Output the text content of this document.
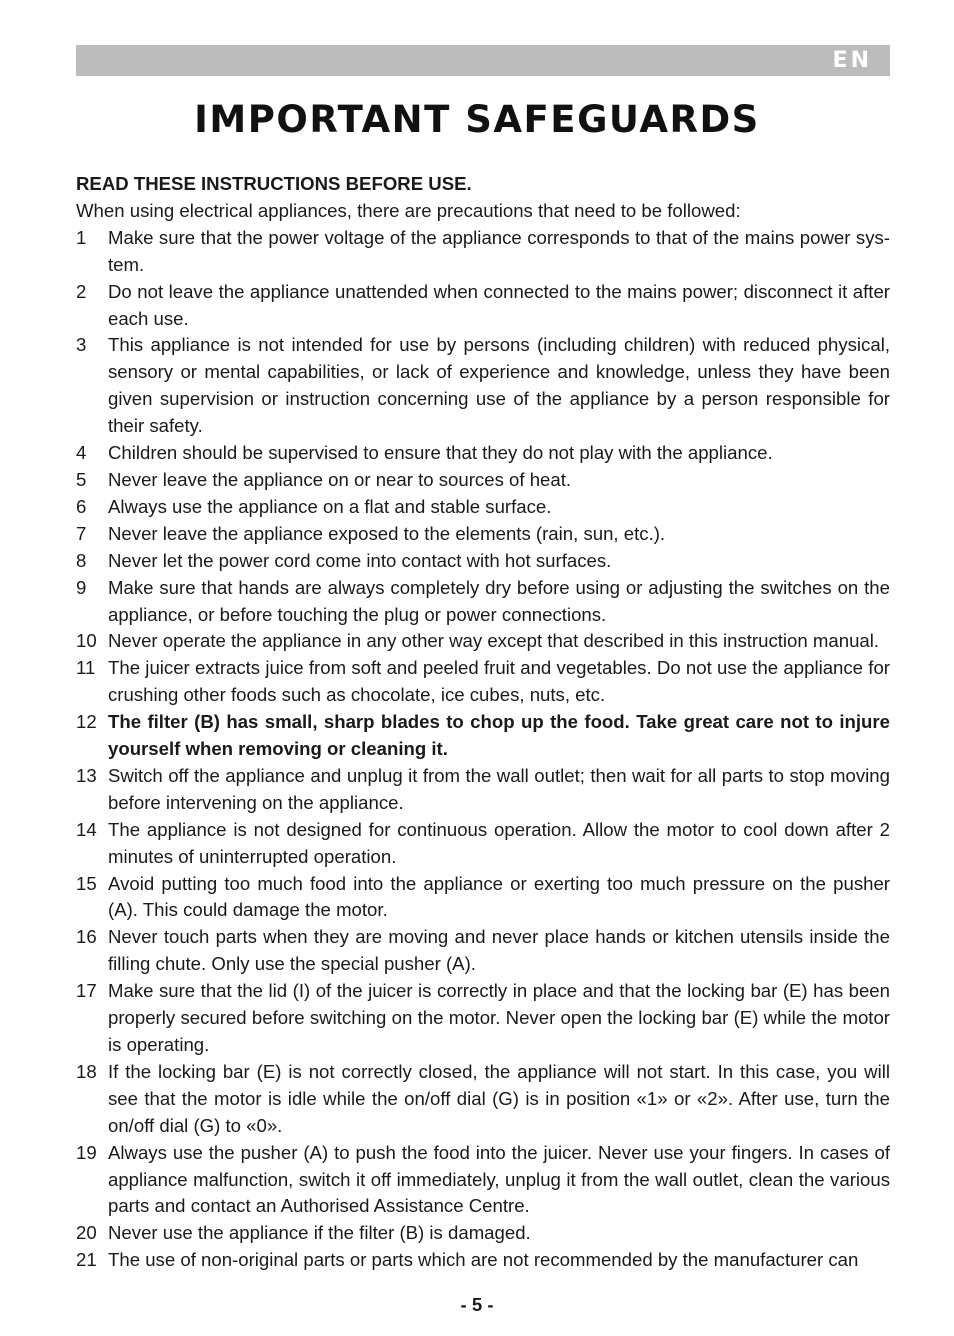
EN
IMPORTANT SAFEGUARDS

READ THESE INSTRUCTIONS BEFORE USE.

When using electrical appliances, there are precautions that need to be followed:

1	Make sure that the power voltage of the appliance corresponds to that of the mains power system.
2	Do not leave the appliance unattended when connected to the mains power; disconnect it after each use.
3	This appliance is not intended for use by persons (including children) with reduced physical, sensory or mental capabilities, or lack of experience and knowledge, unless they have been given supervision or instruction concerning use of the appliance by a person responsible for their safety.
4	Children should be supervised to ensure that they do not play with the appliance.
5	Never leave the appliance on or near to sources of heat.
6	Always use the appliance on a flat and stable surface.
7	Never leave the appliance exposed to the elements (rain, sun, etc.).
8	Never let the power cord come into contact with hot surfaces.
9	Make sure that hands are always completely dry before using or adjusting the switches on the appliance, or before touching the plug or power connections.
10 Never operate the appliance in any other way except that described in this instruction manual.
11 The juicer extracts juice from soft and peeled fruit and vegetables. Do not use the appliance for crushing other foods such as chocolate, ice cubes, nuts, etc.
12 The filter (B) has small, sharp blades to chop up the food. Take great care not to injure yourself when removing or cleaning it.
13 Switch off the appliance and unplug it from the wall outlet; then wait for all parts to stop moving before intervening on the appliance.
14 The appliance is not designed for continuous operation. Allow the motor to cool down after 2 minutes of uninterrupted operation.
15 Avoid putting too much food into the appliance or exerting too much pressure on the pusher (A). This could damage the motor.
16 Never touch parts when they are moving and never place hands or kitchen utensils inside the filling chute. Only use the special pusher (A).
17 Make sure that the lid (I) of the juicer is correctly in place and that the locking bar (E) has been properly secured before switching on the motor. Never open the locking bar (E) while the motor is operating.
18 If the locking bar (E) is not correctly closed, the appliance will not start. In this case, you will see that the motor is idle while the on/off dial (G) is in position «1» or «2». After use, turn the on/off dial (G) to «0».
19 Always use the pusher (A) to push the food into the juicer. Never use your fingers. In cases of appliance malfunction, switch it off immediately, unplug it from the wall outlet, clean the various parts and contact an Authorised Assistance Centre.
20 Never use the appliance if the filter (B) is damaged.
21 The use of non-original parts or parts which are not recommended by the manufacturer can
- 5 -
